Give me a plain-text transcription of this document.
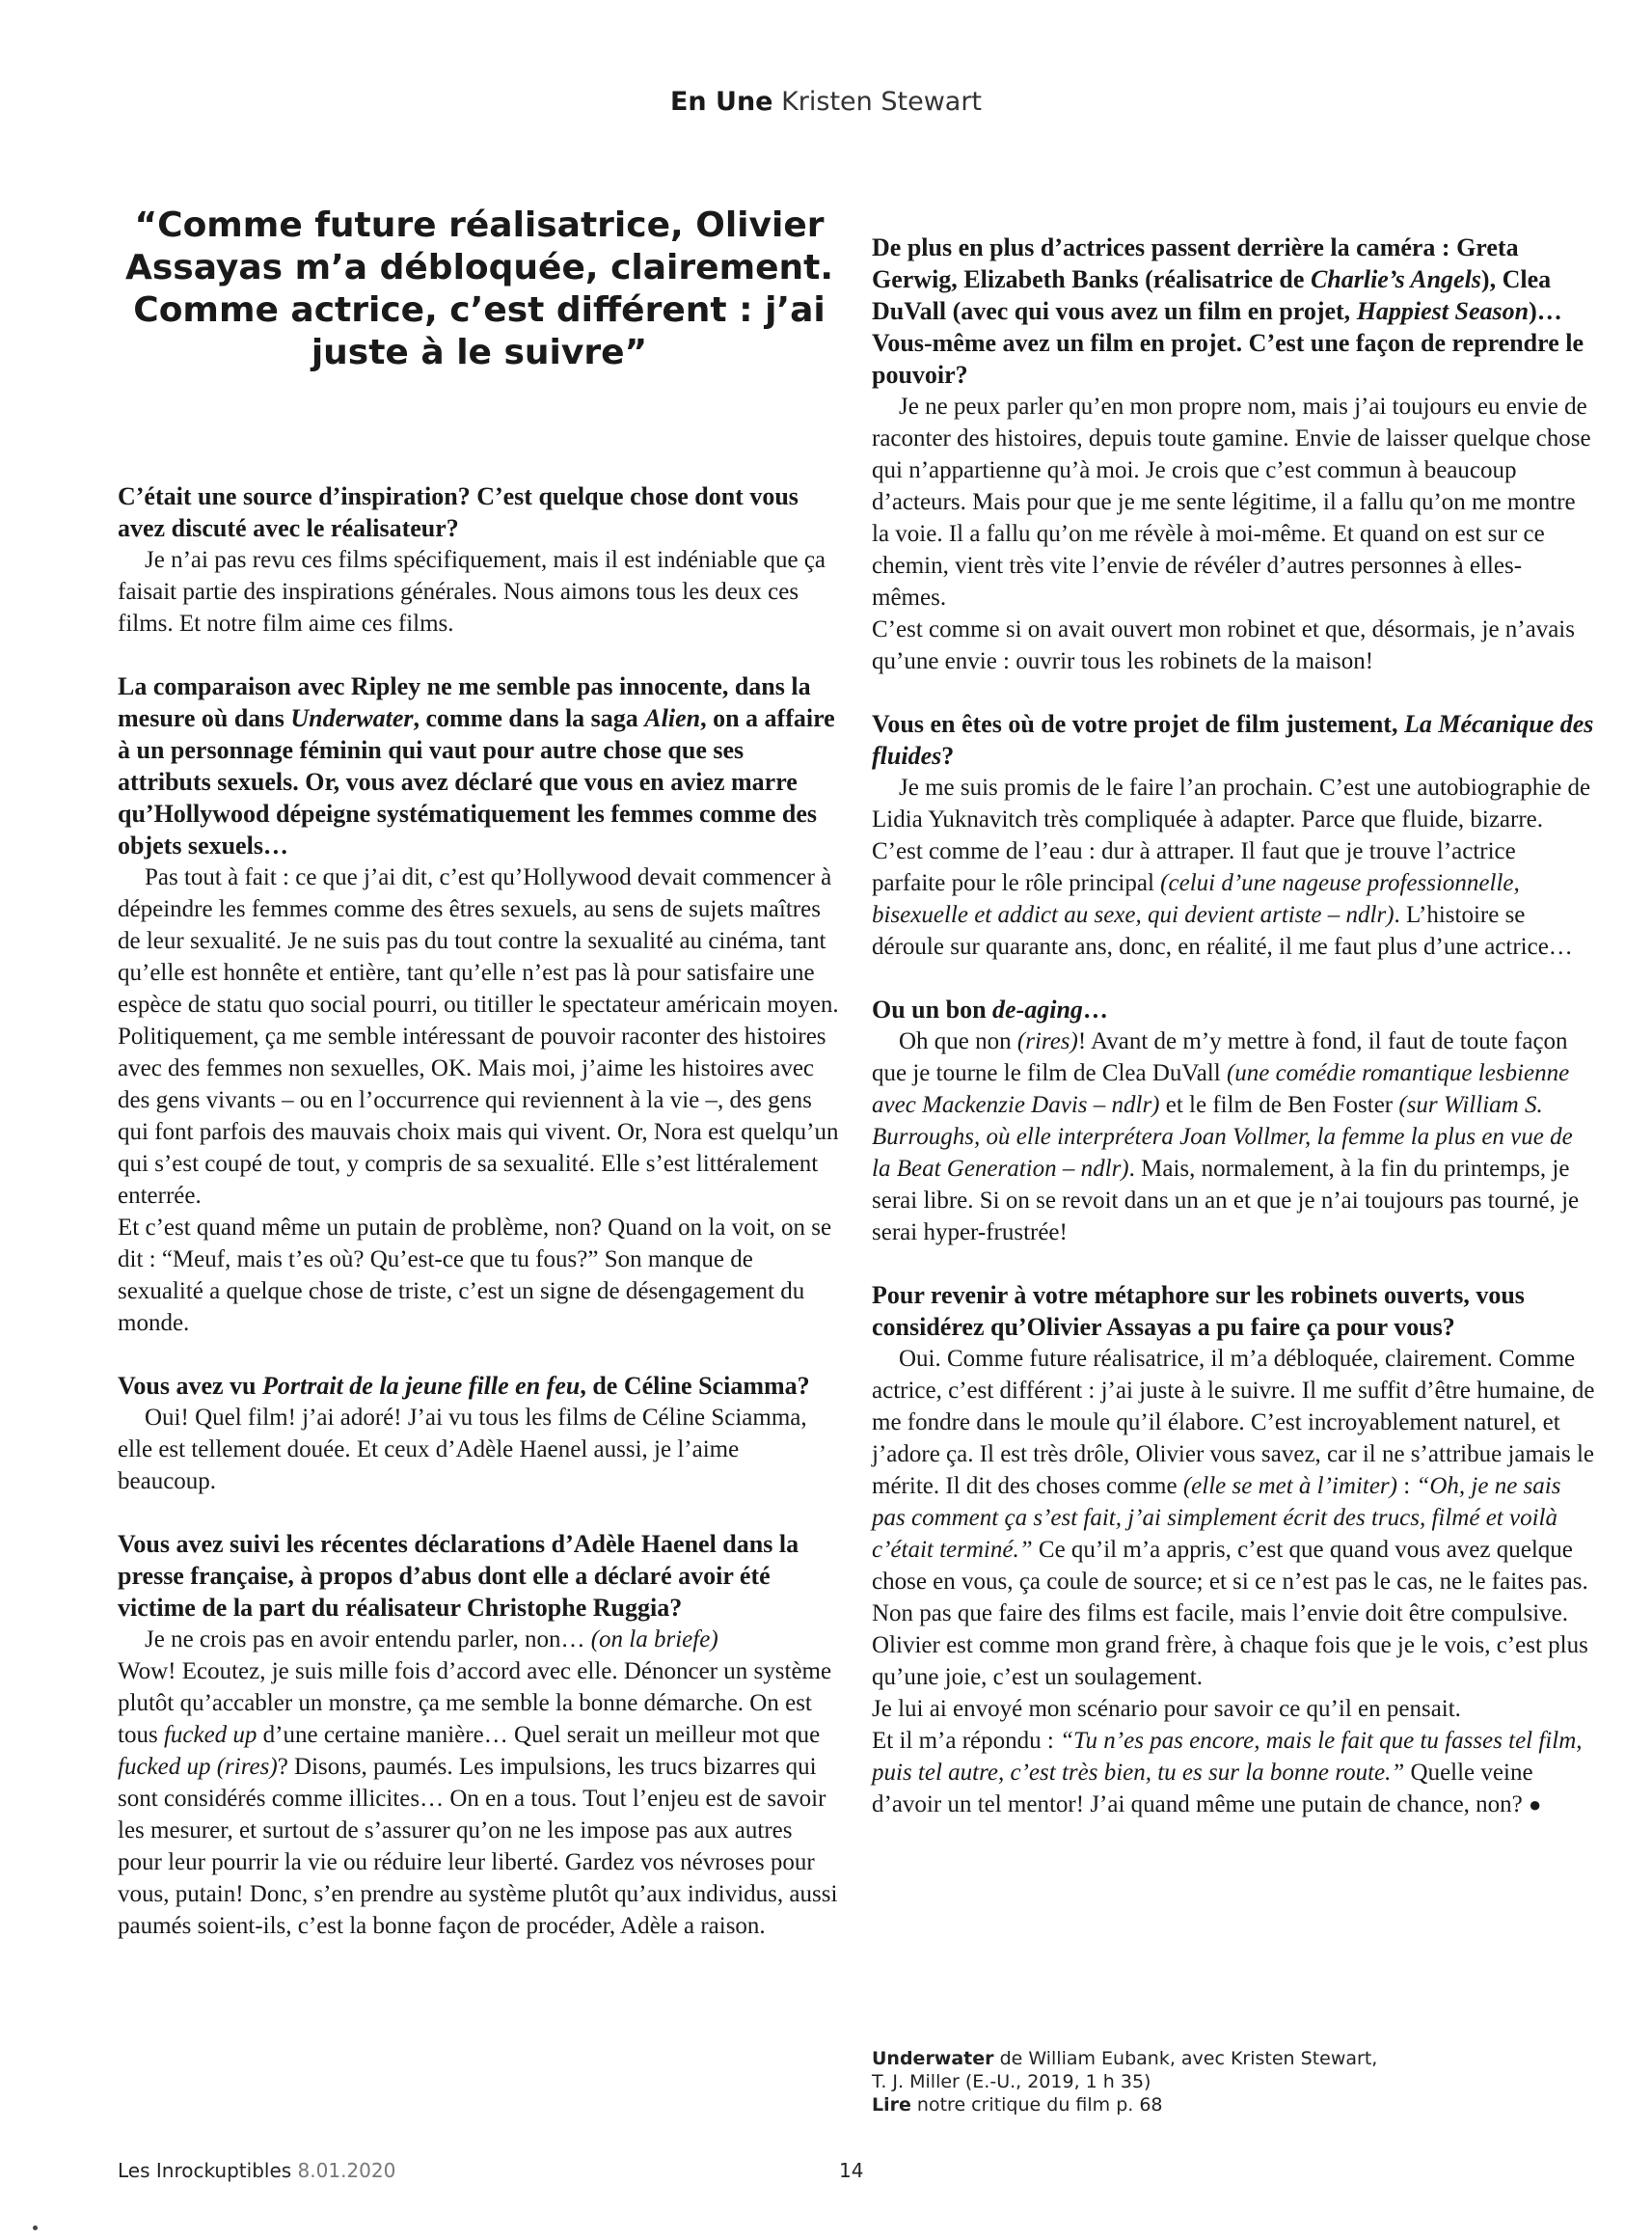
En Une Kristen Stewart
“Comme future réalisatrice, Olivier Assayas m’a débloquée, clairement. Comme actrice, c’est différent : j’ai juste à le suivre”

C’était une source d’inspiration? C’est quelque chose dont vous avez discuté avec le réalisateur?

Je n’ai pas revu ces films spécifiquement, mais il est indéniable que ça faisait partie des inspirations générales. Nous aimons tous les deux ces films. Et notre film aime ces films.

La comparaison avec Ripley ne me semble pas innocente, dans la mesure où dans Underwater, comme dans la saga Alien, on a affaire à un personnage féminin qui vaut pour autre chose que ses attributs sexuels. Or, vous avez déclaré que vous en aviez marre qu’Hollywood dépeigne systématiquement les femmes comme des objets sexuels…

Pas tout à fait : ce que j’ai dit, c’est qu’Hollywood devait commencer à dépeindre les femmes comme des êtres sexuels, au sens de sujets maîtres de leur sexualité. Je ne suis pas du tout contre la sexualité au cinéma, tant qu’elle est honnête et entière, tant qu’elle n’est pas là pour satisfaire une espèce de statu quo social pourri, ou titiller le spectateur américain moyen.

Politiquement, ça me semble intéressant de pouvoir raconter des histoires avec des femmes non sexuelles, OK. Mais moi, j’aime les histoires avec des gens vivants – ou en l’occurrence qui reviennent à la vie –, des gens qui font parfois des mauvais choix mais qui vivent. Or, Nora est quelqu’un qui s’est coupé de tout, y compris de sa sexualité. Elle s’est littéralement enterrée.

Et c’est quand même un putain de problème, non? Quand on la voit, on se dit : “Meuf, mais t’es où? Qu’est-ce que tu fous?” Son manque de sexualité a quelque chose de triste, c’est un signe de désengagement du monde.

Vous avez vu Portrait de la jeune fille en feu, de Céline Sciamma?

Oui! Quel film! j’ai adoré! J’ai vu tous les films de Céline Sciamma, elle est tellement douée. Et ceux d’Adèle Haenel aussi, je l’aime beaucoup.

Vous avez suivi les récentes déclarations d’Adèle Haenel dans la presse française, à propos d’abus dont elle a déclaré avoir été victime de la part du réalisateur Christophe Ruggia?

Je ne crois pas en avoir entendu parler, non… (on la briefe)

Wow! Ecoutez, je suis mille fois d’accord avec elle. Dénoncer un système plutôt qu’accabler un monstre, ça me semble la bonne démarche. On est tous fucked up d’une certaine manière… Quel serait un meilleur mot que fucked up (rires)? Disons, paumés. Les impulsions, les trucs bizarres qui sont considérés comme illicites… On en a tous. Tout l’enjeu est de savoir les mesurer, et surtout de s’assurer qu’on ne les impose pas aux autres pour leur pourrir la vie ou réduire leur liberté. Gardez vos névroses pour vous, putain! Donc, s’en prendre au système plutôt qu’aux individus, aussi paumés soient-ils, c’est la bonne façon de procéder, Adèle a raison.

De plus en plus d’actrices passent derrière la caméra : Greta Gerwig, Elizabeth Banks (réalisatrice de Charlie’s Angels), Clea DuVall (avec qui vous avez un film en projet, Happiest Season)… Vous-même avez un film en projet. C’est une façon de reprendre le pouvoir?

Je ne peux parler qu’en mon propre nom, mais j’ai toujours eu envie de raconter des histoires, depuis toute gamine. Envie de laisser quelque chose qui n’appartienne qu’à moi. Je crois que c’est commun à beaucoup d’acteurs. Mais pour que je me sente légitime, il a fallu qu’on me montre la voie. Il a fallu qu’on me révèle à moi-même. Et quand on est sur ce chemin, vient très vite l’envie de révéler d’autres personnes à elles-mêmes.

C’est comme si on avait ouvert mon robinet et que, désormais, je n’avais qu’une envie : ouvrir tous les robinets de la maison!

Vous en êtes où de votre projet de film justement, La Mécanique des fluides?

Je me suis promis de le faire l’an prochain. C’est une autobiographie de Lidia Yuknavitch très compliquée à adapter. Parce que fluide, bizarre. C’est comme de l’eau : dur à attraper. Il faut que je trouve l’actrice parfaite pour le rôle principal (celui d’une nageuse professionnelle, bisexuelle et addict au sexe, qui devient artiste – ndlr). L’histoire se déroule sur quarante ans, donc, en réalité, il me faut plus d’une actrice…

Ou un bon de-aging…

Oh que non (rires)! Avant de m’y mettre à fond, il faut de toute façon que je tourne le film de Clea DuVall (une comédie romantique lesbienne avec Mackenzie Davis – ndlr) et le film de Ben Foster (sur William S. Burroughs, où elle interprétera Joan Vollmer, la femme la plus en vue de la Beat Generation – ndlr). Mais, normalement, à la fin du printemps, je serai libre. Si on se revoit dans un an et que je n’ai toujours pas tourné, je serai hyper-frustrée!

Pour revenir à votre métaphore sur les robinets ouverts, vous considérez qu’Olivier Assayas a pu faire ça pour vous?

Oui. Comme future réalisatrice, il m’a débloquée, clairement. Comme actrice, c’est différent : j’ai juste à le suivre. Il me suffit d’être humaine, de me fondre dans le moule qu’il élabore. C’est incroyablement naturel, et j’adore ça. Il est très drôle, Olivier vous savez, car il ne s’attribue jamais le mérite. Il dit des choses comme (elle se met à l’imiter) : “Oh, je ne sais pas comment ça s’est fait, j’ai simplement écrit des trucs, filmé et voilà c’était terminé.” Ce qu’il m’a appris, c’est que quand vous avez quelque chose en vous, ça coule de source; et si ce n’est pas le cas, ne le faites pas. Non pas que faire des films est facile, mais l’envie doit être compulsive. Olivier est comme mon grand frère, à chaque fois que je le vois, c’est plus qu’une joie, c’est un soulagement.

Je lui ai envoyé mon scénario pour savoir ce qu’il en pensait.

Et il m’a répondu : “Tu n’es pas encore, mais le fait que tu fasses tel film, puis tel autre, c’est très bien, tu es sur la bonne route.” Quelle veine d’avoir un tel mentor! J’ai quand même une putain de chance, non? ●

Underwater de William Eubank, avec Kristen Stewart,
T. J. Miller (E.-U., 2019, 1 h 35)
Lire notre critique du film p. 68
Les Inrockuptibles 8.01.2020	14
